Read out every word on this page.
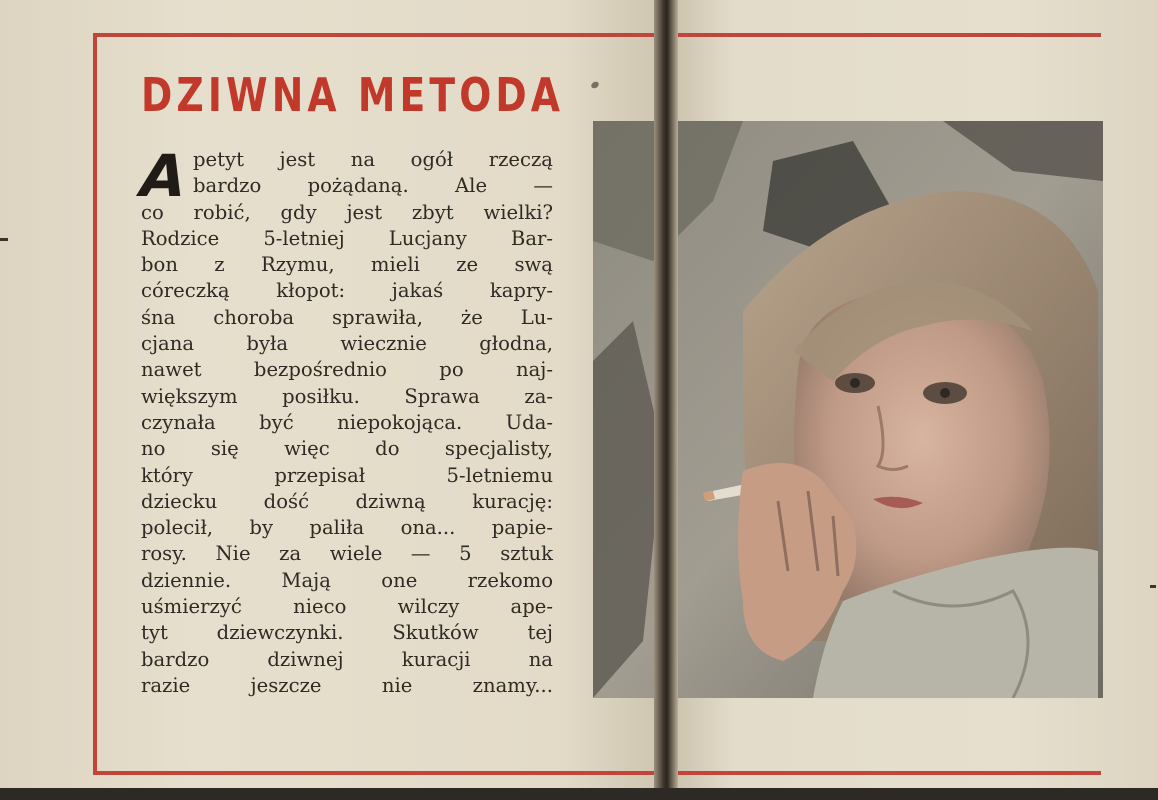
DZIWNA METODA
A petyt jest na ogół rzeczą
bardzo pożądaną. Ale —
co robić, gdy jest zbyt wielki?
Rodzice 5-letniej Lucjany Bar-
bon z Rzymu, mieli ze swą
córeczką kłopot: jakaś kapry-
śna choroba sprawiła, że Lu-
cjana była wiecznie głodna,
nawet bezpośrednio po naj-
większym posiłku. Sprawa za-
czynała być niepokojąca. Uda-
no się więc do specjalisty,
który przepisał 5-letniemu
dziecku dość dziwną kurację:
polecił, by paliła ona... papie-
rosy. Nie za wiele — 5 sztuk
dziennie. Mają one rzekomo
uśmierzyć nieco wilczy ape-
tyt dziewczynki. Skutków tej
bardzo dziwnej kuracji na
razie jeszcze nie znamy...
